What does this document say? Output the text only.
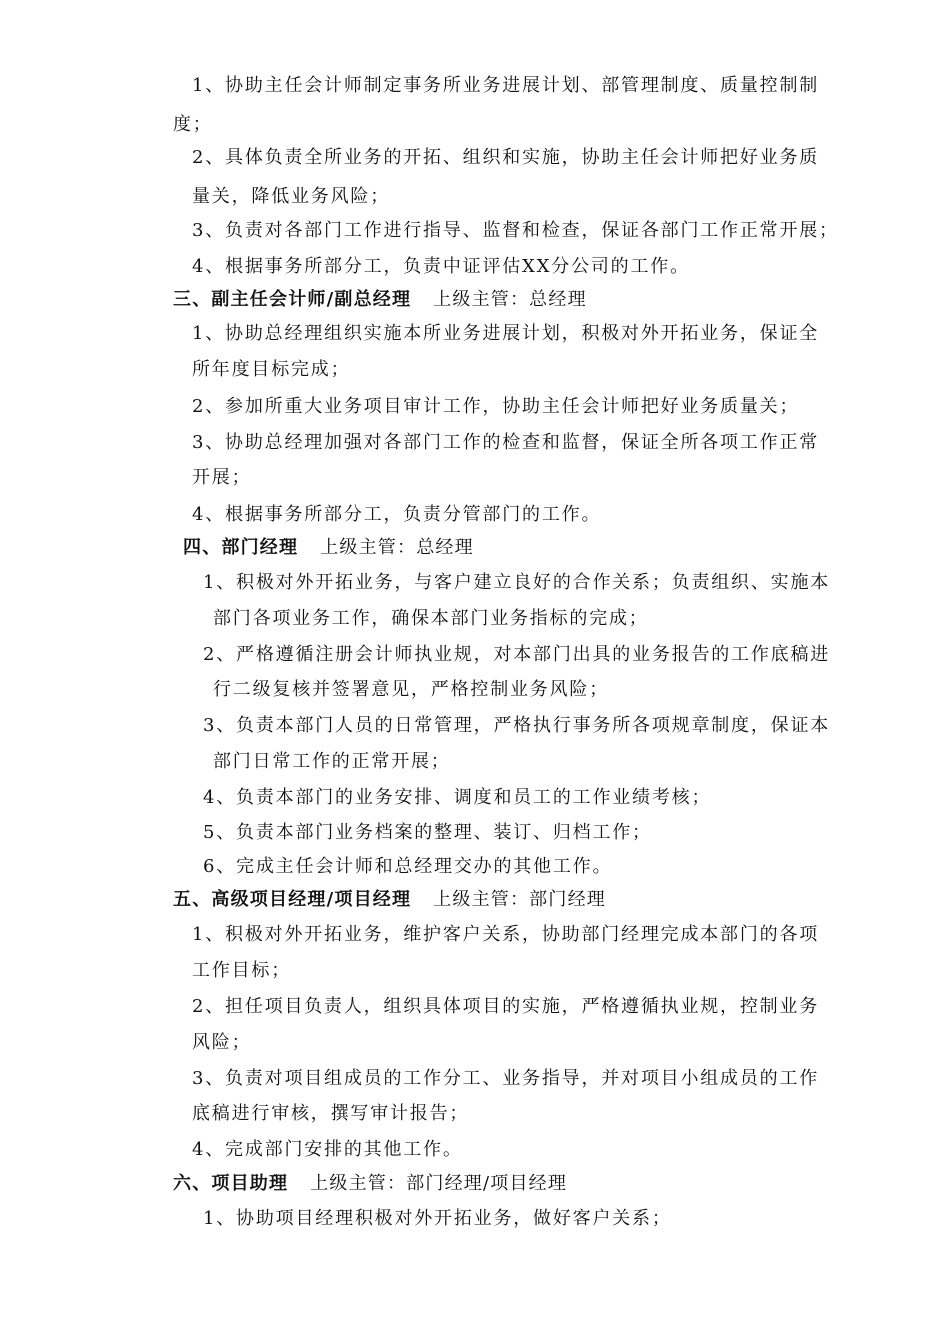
1、协助主任会计师制定事务所业务进展计划、部管理制度、质量控制制
度；
2、具体负责全所业务的开拓、组织和实施，协助主任会计师把好业务质
量关，降低业务风险；
3、负责对各部门工作进行指导、监督和检查，保证各部门工作正常开展；
4、根据事务所部分工，负责中证评估XX分公司的工作。
三、副主任会计师/副总经理 上级主管：总经理
1、协助总经理组织实施本所业务进展计划，积极对外开拓业务，保证全
所年度目标完成；
2、参加所重大业务项目审计工作，协助主任会计师把好业务质量关；
3、协助总经理加强对各部门工作的检查和监督，保证全所各项工作正常
开展；
4、根据事务所部分工，负责分管部门的工作。
四、部门经理 上级主管：总经理
1、积极对外开拓业务，与客户建立良好的合作关系；负责组织、实施本
部门各项业务工作，确保本部门业务指标的完成；
2、严格遵循注册会计师执业规，对本部门出具的业务报告的工作底稿进
行二级复核并签署意见，严格控制业务风险；
3、负责本部门人员的日常管理，严格执行事务所各项规章制度，保证本
部门日常工作的正常开展；
4、负责本部门的业务安排、调度和员工的工作业绩考核；
5、负责本部门业务档案的整理、装订、归档工作；
6、完成主任会计师和总经理交办的其他工作。
五、高级项目经理/项目经理 上级主管：部门经理
1、积极对外开拓业务，维护客户关系，协助部门经理完成本部门的各项
工作目标；
2、担任项目负责人，组织具体项目的实施，严格遵循执业规，控制业务
风险；
3、负责对项目组成员的工作分工、业务指导，并对项目小组成员的工作
底稿进行审核，撰写审计报告；
4、完成部门安排的其他工作。
六、项目助理 上级主管：部门经理/项目经理
1、协助项目经理积极对外开拓业务，做好客户关系；
